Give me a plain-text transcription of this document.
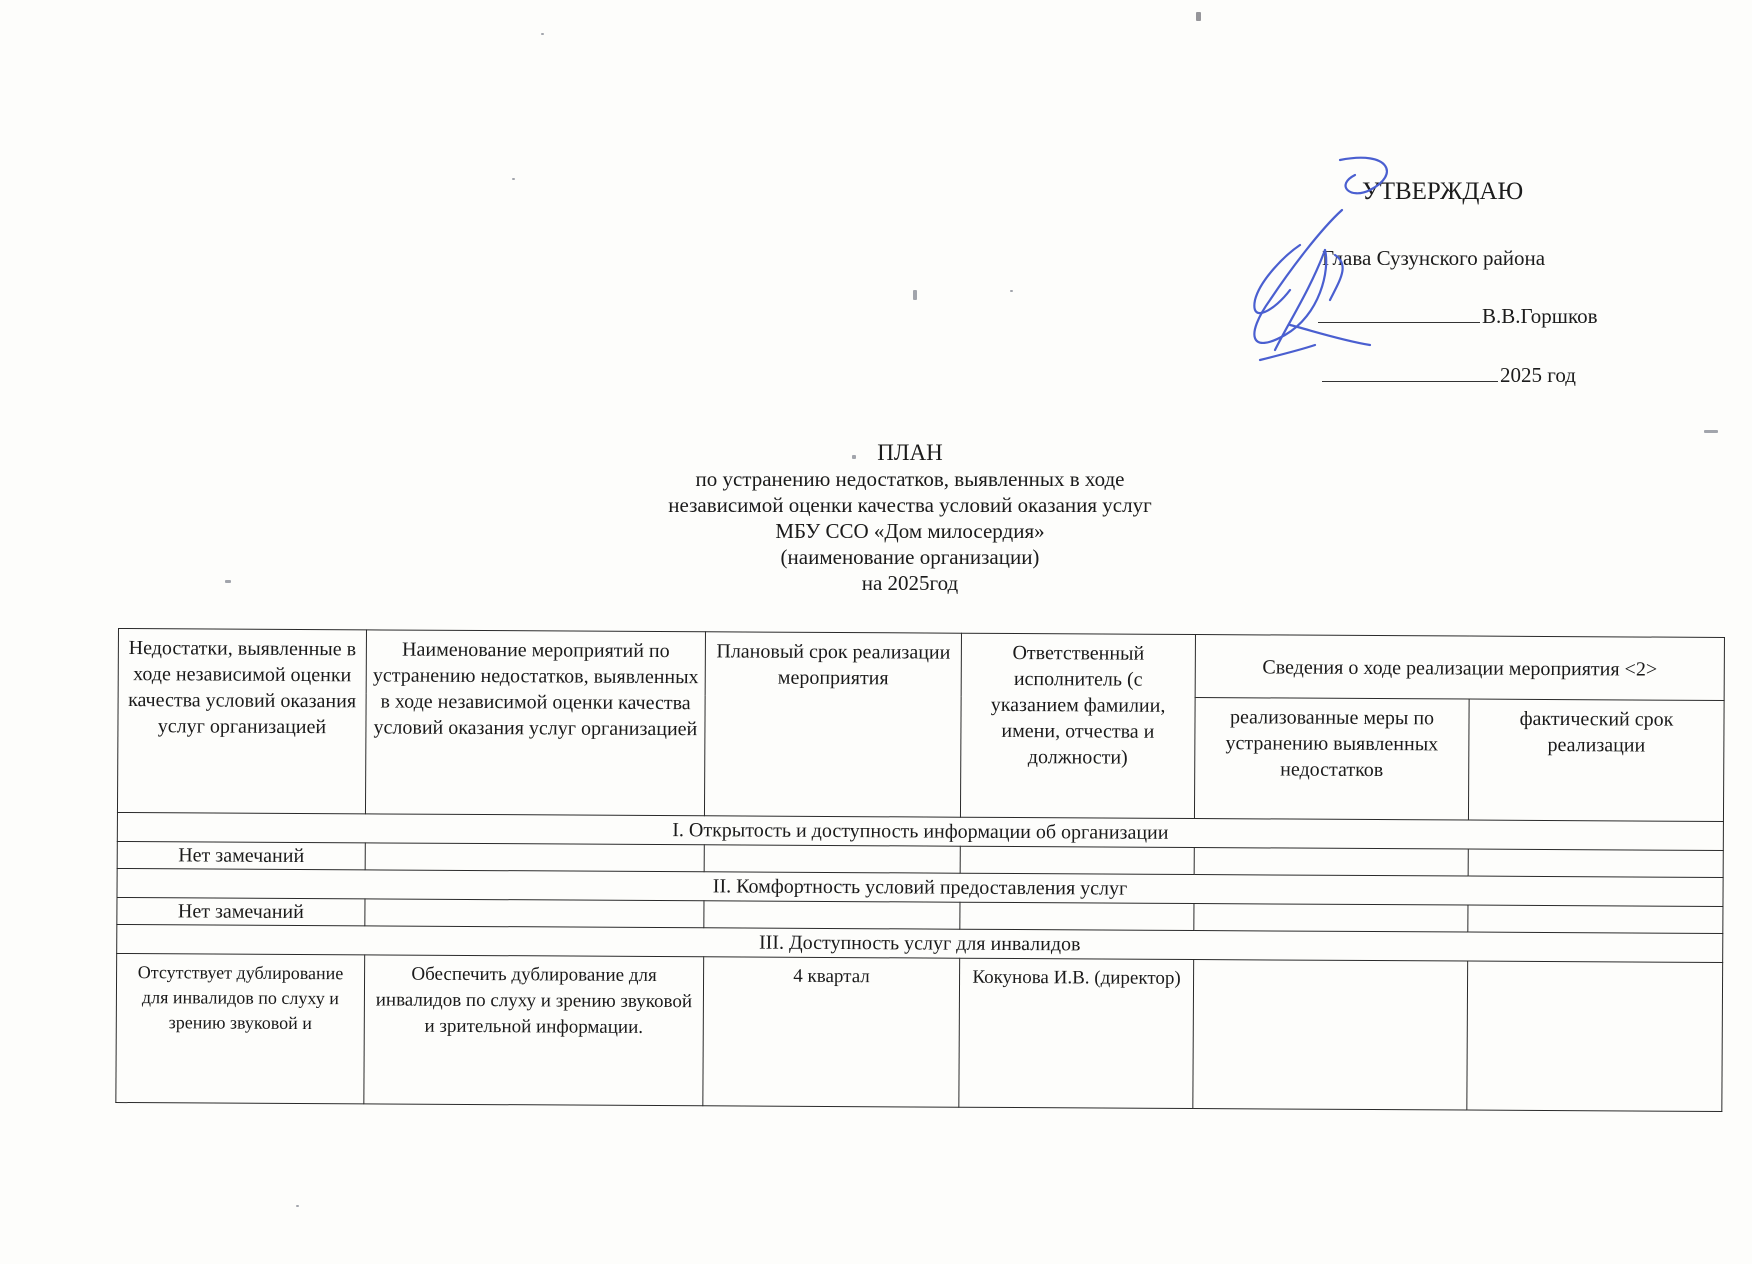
УТВЕРЖДАЮ
Глава Сузунского района
В.В.Горшков
2025 год
ПЛАН
по устранению недостатков, выявленных в ходе
независимой оценки качества условий оказания услуг
МБУ ССО «Дом милосердия»
(наименование организации)
на 2025год
Недостатки, выявленные в ходе независимой оценки качества условий оказания услуг организацией	Наименование мероприятий по устранению недостатков, выявленных в ходе независимой оценки качества условий оказания услуг организацией	Плановый срок реализации мероприятия	Ответственный исполнитель (с указанием фамилии, имени, отчества и должности)	Сведения о ходе реализации мероприятия <2>	
				реализованные меры по устранению выявленных недостатков	фактический срок реализации
I. Открытость и доступность информации об организации					
Нет замечаний					
II. Комфортность условий предоставления услуг					
Нет замечаний					
III. Доступность услуг для инвалидов					
Отсутствует дублирование для инвалидов по слуху и зрению звуковой и	Обеспечить дублирование для инвалидов по слуху и зрению звуковой и зрительной информации.	4 квартал	Кокунова И.В. (директор)		
